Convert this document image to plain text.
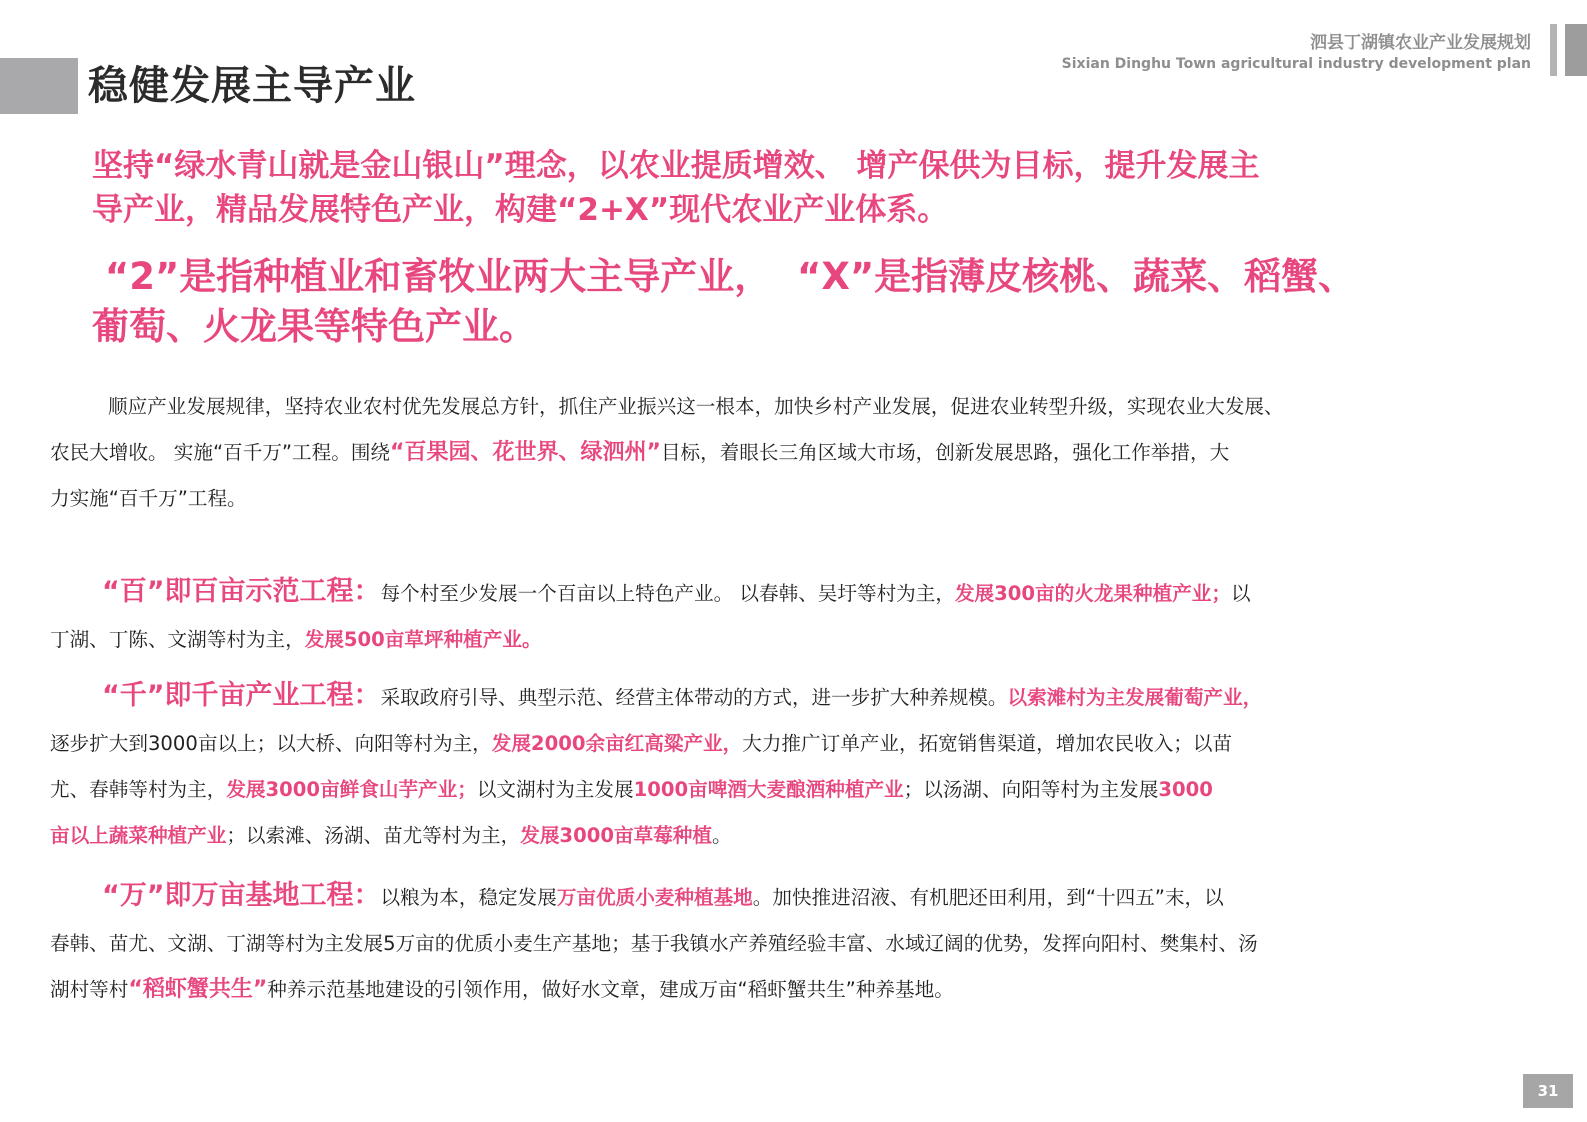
稳健发展主导产业
泗县丁湖镇农业产业发展规划
Sixian Dinghu Town agricultural industry development plan
坚持“绿水青山就是金山银山”理念，以农业提质增效、 增产保供为目标，提升发展主
导产业，精品发展特色产业，构建“2+X”现代农业产业体系。
“2”是指种植业和畜牧业两大主导产业，  “X”是指薄皮核桃、蔬菜、稻蟹、
葡萄、火龙果等特色产业。
顺应产业发展规律，坚持农业农村优先发展总方针，抓住产业振兴这一根本，加快乡村产业发展，促进农业转型升级，实现农业大发展、
农民大增收。 实施“百千万”工程。围绕“百果园、花世界、绿泗州”目标，着眼长三角区域大市场，创新发展思路，强化工作举措，大
力实施“百千万”工程。
“百”即百亩示范工程：每个村至少发展一个百亩以上特色产业。 以春韩、吴圩等村为主，发展300亩的火龙果种植产业；以
丁湖、丁陈、文湖等村为主，发展500亩草坪种植产业。
“千”即千亩产业工程：采取政府引导、典型示范、经营主体带动的方式，进一步扩大种养规模。以索滩村为主发展葡萄产业，
逐步扩大到3000亩以上；以大桥、向阳等村为主，发展2000余亩红高粱产业，大力推广订单产业，拓宽销售渠道，增加农民收入；以苗
尤、春韩等村为主，发展3000亩鲜食山芋产业；以文湖村为主发展1000亩啤酒大麦酿酒种植产业；以汤湖、向阳等村为主发展3000
亩以上蔬菜种植产业；以索滩、汤湖、苗尤等村为主，发展3000亩草莓种植。
“万”即万亩基地工程：以粮为本，稳定发展万亩优质小麦种植基地。加快推进沼液、有机肥还田利用，到“十四五”末，以
春韩、苗尤、文湖、丁湖等村为主发展5万亩的优质小麦生产基地；基于我镇水产养殖经验丰富、水域辽阔的优势，发挥向阳村、樊集村、汤
湖村等村“稻虾蟹共生”种养示范基地建设的引领作用，做好水文章，建成万亩“稻虾蟹共生”种养基地。
31
